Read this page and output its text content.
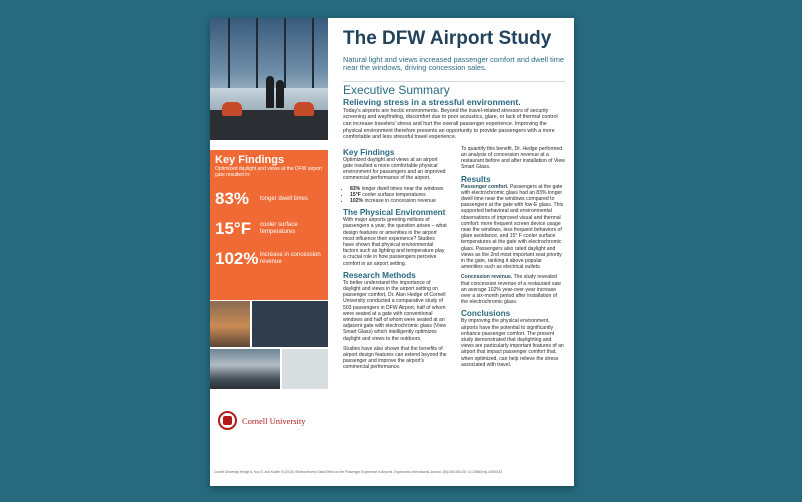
Key Findings
Optimized daylight and views at the DFW airport gate resulted in:
83%	longer dwell times
15°F	cooler surface temperatures
102% increase in concession revenue
Cornell University
The DFW Airport Study
Natural light and views increased passenger comfort and dwell time near the windows, driving concession sales.
Executive Summary
Relieving stress in a stressful environment.

Today's airports are hectic environments. Beyond the travel-related stressors of security screening and wayfinding, discomfort due to poor acoustics, glare, or lack of thermal control can increase travelers' stress and hurt the overall passenger experience. Improving the physical environment therefore presents an opportunity to provide passengers with a more comfortable and less stressful travel experience.

Key Findings

Optimized daylight and views at an airport gate resulted a more comfortable physical environment for passengers and an improved commercial performance of the airport.

• 83% longer dwell times near the windows
• 15°F cooler surface temperatures
• 102% increase in concession revenue
The Physical Environment

With major airports greeting millions of passengers a year, the question arises – what design features or amenities in the airport most influence their experience? Studies have shown that physical environmental factors such as lighting and temperature play a crucial role in how passengers perceive comfort in an airport setting.

Research Methods

To better understand the importance of daylight and views in the airport setting on passenger comfort, Dr. Alan Hedge of Cornell University conducted a comparative study of 503 passengers in DFW Airport, half of whom were seated at a gate with conventional windows and half of whom were seated at an adjacent gate with electrochromic glass (View Smart Glass) which intelligently optimizes daylight and views to the outdoors.

Studies have also shown that the benefits of airport design features can extend beyond the passenger and improve the airport's commercial performance.

To quantify this benefit, Dr. Hedge performed an analysis of concession revenue at a restaurant before and after installation of View Smart Glass.

Results

Passenger comfort. Passengers at the gate with electrochromic glass had an 83% longer dwell time near the windows compared to passengers at the gate with low-E glass. This supported behavioral and environmental observations of improved visual and thermal comfort: more frequent screen device usage near the windows, less frequent behaviors of glare avoidance, and 15° F cooler surface temperatures at the gate with electrochromic glass. Passengers also rated daylight and views as the 2nd most important seat priority in the gate, ranking it above popular amenities such as electrical outlets.

Concession revenue. The study revealed that concession revenue of a restaurant saw an average 102% year-over-year increase over a six-month period after installation of the electrochromic glass.

Conclusions

By improving the physical environment, airports have the potential to significantly enhance passenger comfort. The present study demonstrated that daylighting and views are particularly important features of an airport that impact passenger comfort that, when optimized, can help relieve the stress associated with travel.

Cornell University Hedge A, Nou D, and Kaufer N (2018). Electrochromic Glass Effect on the Passenger Experience in Airports. Ergonomics International Journal. 2(6):000168 DOI: 10.23880/eoij-16000182
